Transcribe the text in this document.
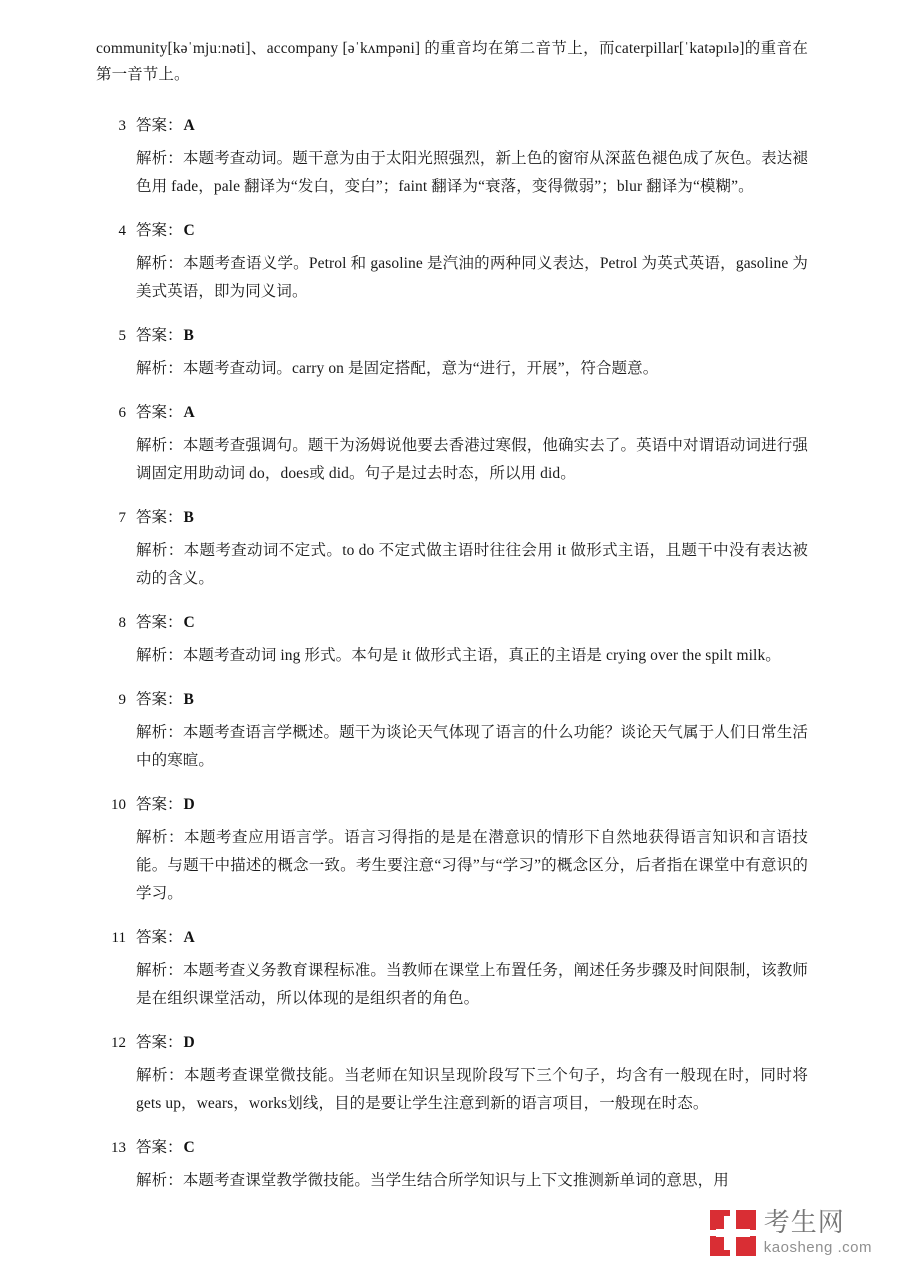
community[kəˈmjuːnəti]、accompany [əˈkʌmpəni] 的重音均在第二音节上，而caterpillar[ˈkatəpılə]的重音在第一音节上。

3 答案： A
解析：本题考查动词。题干意为由于太阳光照强烈，新上色的窗帘从深蓝色褪色成了灰色。表达褪色用 fade，pale 翻译为“发白，变白”；faint 翻译为“衰落，变得微弱”；blur 翻译为“模糊”。
4 答案： C
解析：本题考查语义学。Petrol 和 gasoline 是汽油的两种同义表达，Petrol 为英式英语，gasoline 为美式英语，即为同义词。
5 答案： B
解析：本题考查动词。carry on 是固定搭配，意为“进行，开展”，符合题意。
6 答案： A
解析：本题考查强调句。题干为汤姆说他要去香港过寒假，他确实去了。英语中对谓语动词进行强调固定用助动词 do，does或 did。句子是过去时态，所以用 did。
7 答案： B
解析：本题考查动词不定式。to do 不定式做主语时往往会用 it 做形式主语，且题干中没有表达被动的含义。
8 答案： C
解析：本题考查动词 ing 形式。本句是 it 做形式主语，真正的主语是 crying over the spilt milk。
9 答案： B
解析：本题考查语言学概述。题干为谈论天气体现了语言的什么功能？谈论天气属于人们日常生活中的寒暄。
10 答案： D
解析：本题考查应用语言学。语言习得指的是是在潜意识的情形下自然地获得语言知识和言语技能。与题干中描述的概念一致。考生要注意“习得”与“学习”的概念区分，后者指在课堂中有意识的学习。
11 答案： A
解析：本题考查义务教育课程标准。当教师在课堂上布置任务，阐述任务步骤及时间限制，该教师是在组织课堂活动，所以体现的是组织者的角色。
12 答案： D
解析：本题考查课堂微技能。当老师在知识呈现阶段写下三个句子，均含有一般现在时，同时将 gets up，wears，works划线，目的是要让学生注意到新的语言项目，一般现在时态。
13 答案： C
解析：本题考查课堂教学微技能。当学生结合所学知识与上下文推测新单词的意思，用
考生网
kaosheng .com
